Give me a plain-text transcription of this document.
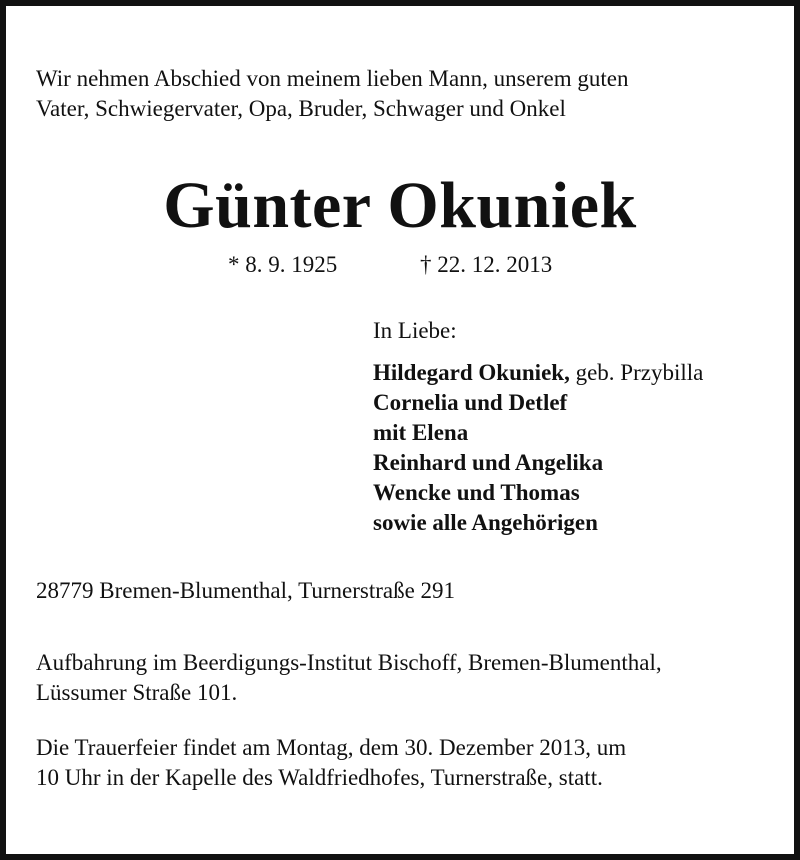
Wir nehmen Abschied von meinem lieben Mann, unserem guten
Vater, Schwiegervater, Opa, Bruder, Schwager und Onkel
Günter Okuniek
* 8. 9. 1925	† 22. 12. 2013
In Liebe:
Hildegard Okuniek, geb. Przybilla
Cornelia und Detlef
mit Elena
Reinhard und Angelika
Wencke und Thomas
sowie alle Angehörigen
28779 Bremen-Blumenthal, Turnerstraße 291
Aufbahrung im Beerdigungs-Institut Bischoff, Bremen-Blumenthal,
Lüssumer Straße 101.
Die Trauerfeier findet am Montag, dem 30. Dezember 2013, um
10 Uhr in der Kapelle des Waldfriedhofes, Turnerstraße, statt.
